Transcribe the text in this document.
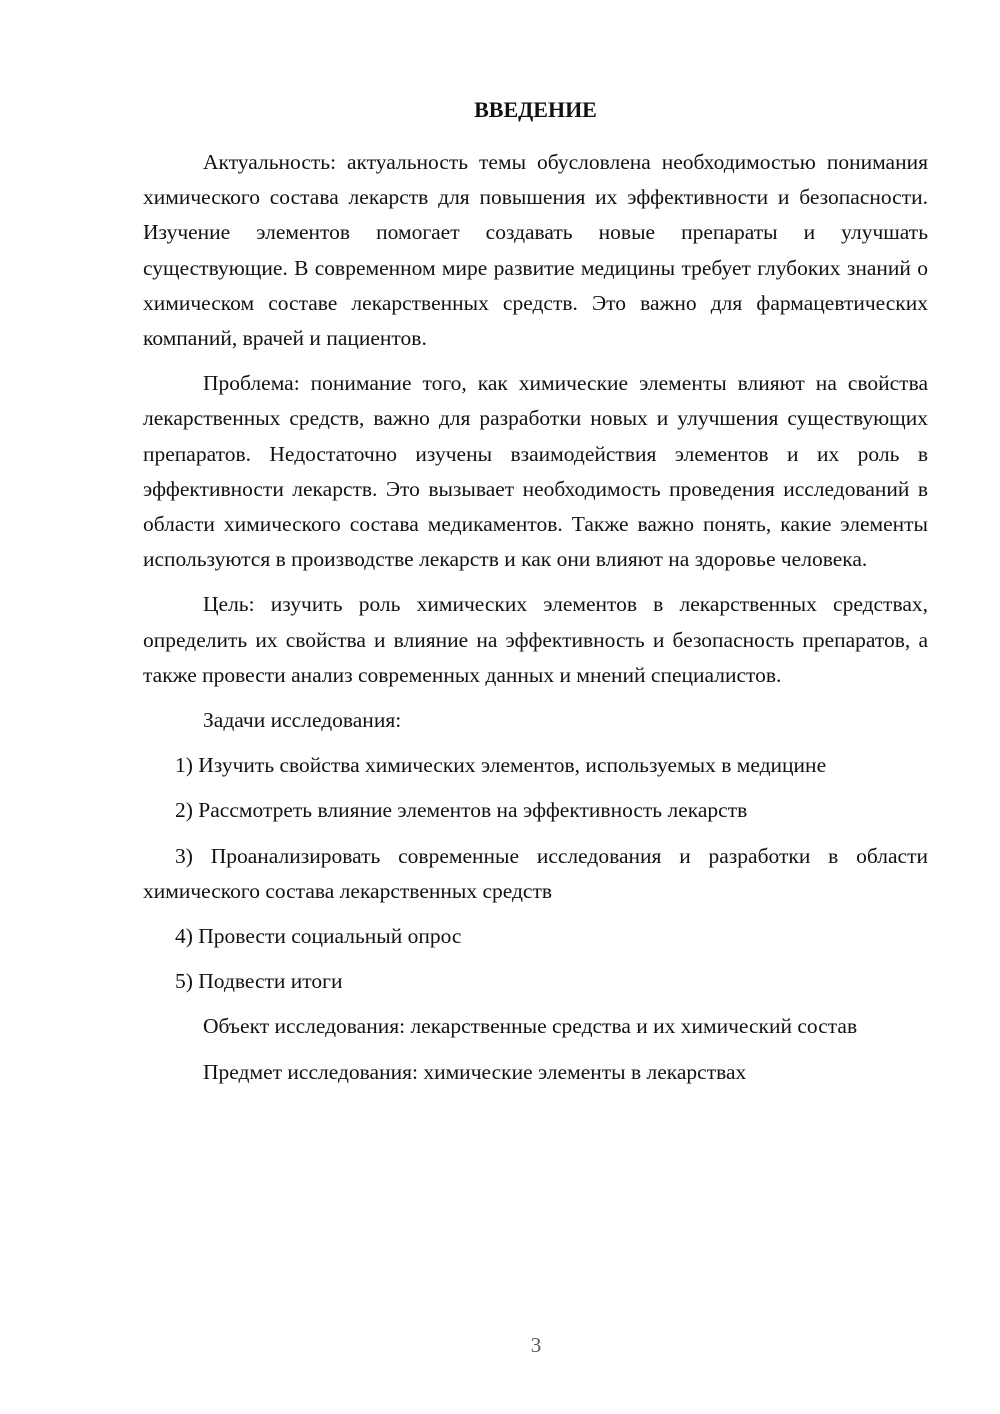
ВВЕДЕНИЕ

Актуальность: актуальность темы обусловлена необходимостью понимания химического состава лекарств для повышения их эффективности и безопасности. Изучение элементов помогает создавать новые препараты и улучшать существующие. В современном мире развитие медицины требует глубоких знаний о химическом составе лекарственных средств. Это важно для фармацевтических компаний, врачей и пациентов.

Проблема: понимание того, как химические элементы влияют на свойства лекарственных средств, важно для разработки новых и улучшения существующих препаратов. Недостаточно изучены взаимодействия элементов и их роль в эффективности лекарств. Это вызывает необходимость проведения исследований в области химического состава медикаментов. Также важно понять, какие элементы используются в производстве лекарств и как они влияют на здоровье человека.

Цель: изучить роль химических элементов в лекарственных средствах, определить их свойства и влияние на эффективность и безопасность препаратов, а также провести анализ современных данных и мнений специалистов.

Задачи исследования:

1) Изучить свойства химических элементов, используемых в медицине

2) Рассмотреть влияние элементов на эффективность лекарств

3) Проанализировать современные исследования и разработки в области химического состава лекарственных средств

4) Провести социальный опрос

5) Подвести итоги

Объект исследования: лекарственные средства и их химический состав

Предмет исследования: химические элементы в лекарствах

3
